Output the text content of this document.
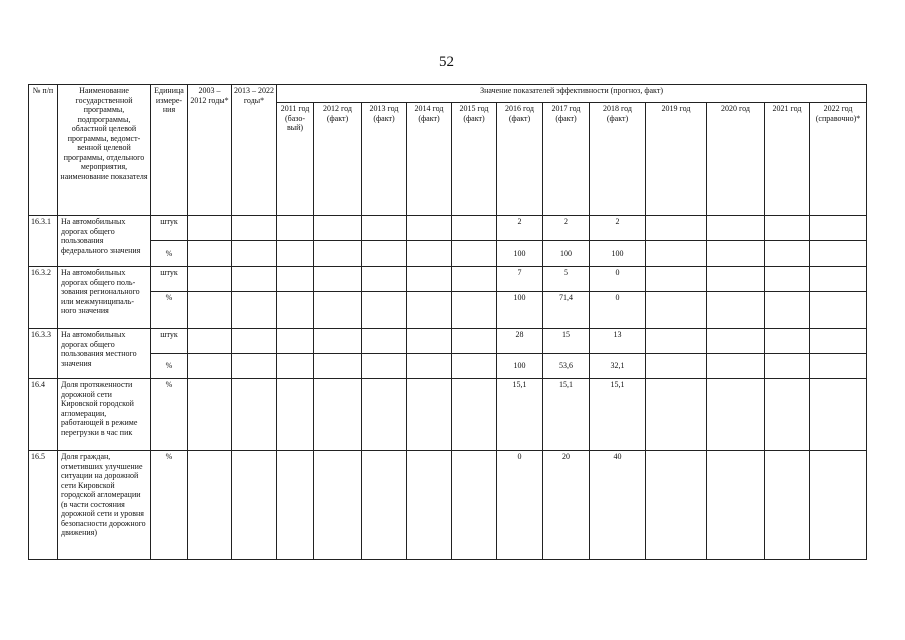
52
№ п/п	Наименование государственной программы, подпрограммы, областной целевой программы, ведомст-венной целевой программы, отдельного мероприятия, наименование показателя	Единица измере-ния	2003 – 2012 годы*	2013 – 2022 годы*	Значение показателей эффективности (прогноз, факт)											
					2011 год (базо-вый)	2012 год (факт)	2013 год (факт)	2014 год (факт)	2015 год (факт)	2016 год (факт)	2017 год (факт)	2018 год (факт)	2019 год	2020 год	2021 год	2022 год (справочно)*
16.3.1	На автомобильных дорогах общего пользования федерального значения	штук								2	2	2				
		%								100	100	100				
16.3.2	На автомобильных дорогах общего поль-зования регионального или межмуниципаль-ного значения	штук								7	5	0				
		%								100	71,4	0				
16.3.3	На автомобильных дорогах общего пользования местного значения	штук								28	15	13				
		%								100	53,6	32,1				
16.4	Доля протяженности дорожной сети Кировской городской агломерации, работающей в режиме перегрузки в час пик	%								15,1	15,1	15,1				
16.5	Доля граждан, отметивших улучшение ситуации на дорожной сети Кировской городской агломерации (в части состояния дорожной сети и уровня безопасности дорожного движения)	%								0	20	40				
